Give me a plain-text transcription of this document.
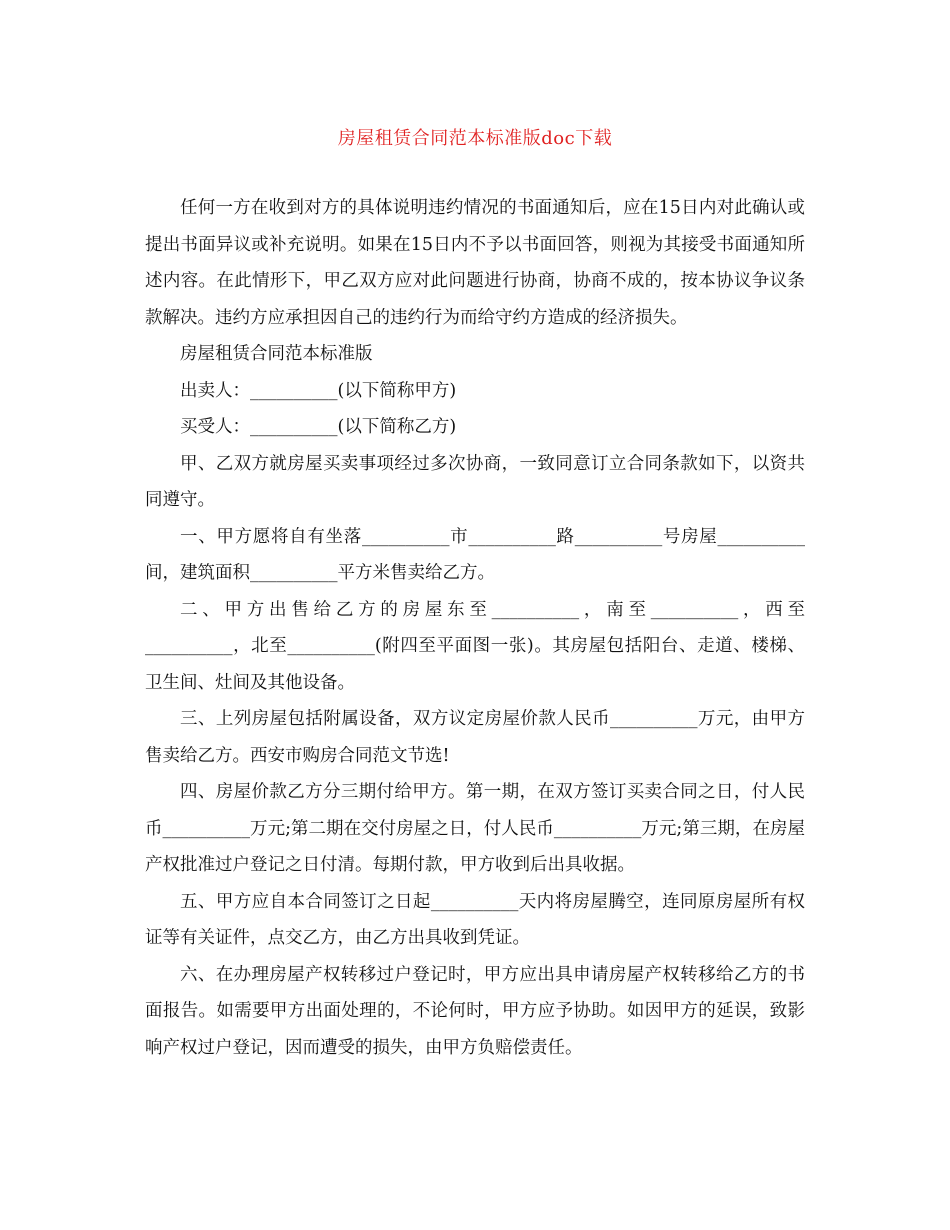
房屋租赁合同范本标准版doc下载

任何一方在收到对方的具体说明违约情况的书面通知后，应在15日内对此确认或提出书面异议或补充说明。如果在15日内不予以书面回答，则视为其接受书面通知所述内容。在此情形下，甲乙双方应对此问题进行协商，协商不成的，按本协议争议条款解决。违约方应承担因自己的违约行为而给守约方造成的经济损失。

房屋租赁合同范本标准版

出卖人：__________(以下简称甲方)

买受人：__________(以下简称乙方)

甲、乙双方就房屋买卖事项经过多次协商，一致同意订立合同条款如下，以资共同遵守。

一、甲方愿将自有坐落__________市__________路__________号房屋__________间，建筑面积__________平方米售卖给乙方。

二、甲方出售给乙方的房屋东至__________，南至__________，西至__________，北至__________(附四至平面图一张)。其房屋包括阳台、走道、楼梯、卫生间、灶间及其他设备。

三、上列房屋包括附属设备，双方议定房屋价款人民币__________万元，由甲方售卖给乙方。西安市购房合同范文节选!

四、房屋价款乙方分三期付给甲方。第一期，在双方签订买卖合同之日，付人民币__________万元;第二期在交付房屋之日，付人民币__________万元;第三期，在房屋产权批准过户登记之日付清。每期付款，甲方收到后出具收据。

五、甲方应自本合同签订之日起__________天内将房屋腾空，连同原房屋所有权证等有关证件，点交乙方，由乙方出具收到凭证。

六、在办理房屋产权转移过户登记时，甲方应出具申请房屋产权转移给乙方的书面报告。如需要甲方出面处理的，不论何时，甲方应予协助。如因甲方的延误，致影响产权过户登记，因而遭受的损失，由甲方负赔偿责任。
